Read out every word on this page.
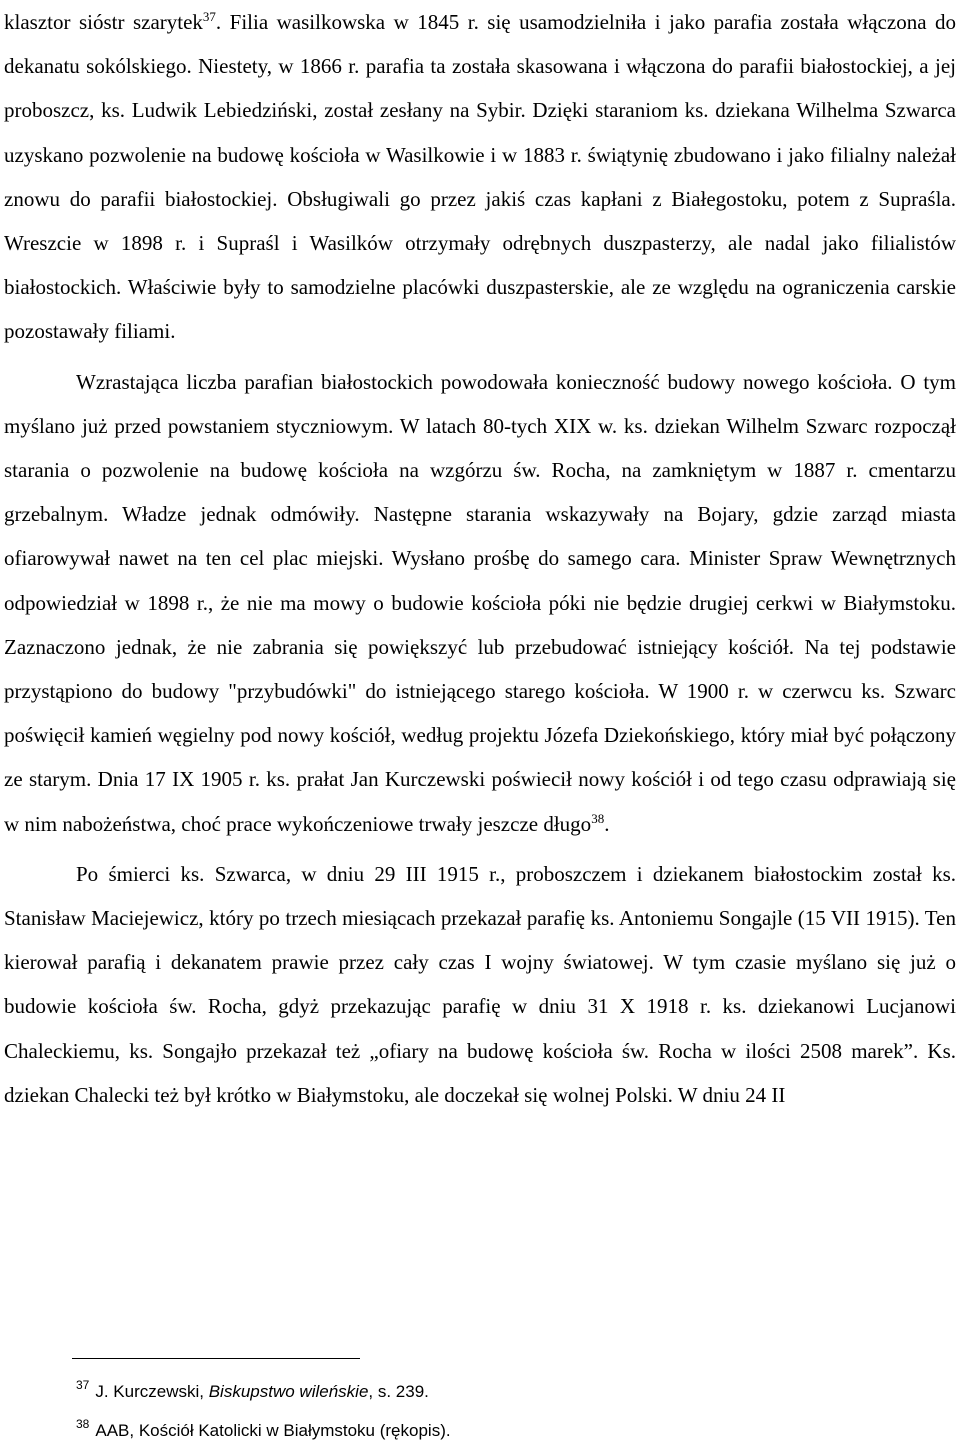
klasztor sióstr szarytek$^{37}$. Filia wasilkowska w 1845 r. się usamodzielniła i jako parafia została włączona do dekanatu sokólskiego. Niestety, w 1866 r. parafia ta została skasowana i włączona do parafii białostockiej, a jej proboszcz, ks. Ludwik Lebiedziński, został zesłany na Sybir. Dzięki staraniom ks. dziekana Wilhelma Szwarca uzyskano pozwolenie na budowę kościoła w Wasilkowie i w 1883 r. świątynię zbudowano i jako filialny należał znowu do parafii białostockiej. Obsługiwali go przez jakiś czas kapłani z Białegostoku, potem z Supraśla. Wreszcie w 1898 r. i Supraśl i Wasilków otrzymały odrębnych duszpasterzy, ale nadal jako filialistów białostockich. Właściwie były to samodzielne placówki duszpasterskie, ale ze względu na ograniczenia carskie pozostawały filiami.

Wzrastająca liczba parafian białostockich powodowała konieczność budowy nowego kościoła. O tym myślano już przed powstaniem styczniowym. W latach 80-tych XIX w. ks. dziekan Wilhelm Szwarc rozpoczął starania o pozwolenie na budowę kościoła na wzgórzu św. Rocha, na zamkniętym w 1887 r. cmentarzu grzebalnym. Władze jednak odmówiły. Następne starania wskazywały na Bojary, gdzie zarząd miasta ofiarowywał nawet na ten cel plac miejski. Wysłano prośbę do samego cara. Minister Spraw Wewnętrznych odpowiedział w 1898 r., że nie ma mowy o budowie kościoła póki nie będzie drugiej cerkwi w Białymstoku. Zaznaczono jednak, że nie zabrania się powiększyć lub przebudować istniejący kościół. Na tej podstawie przystąpiono do budowy "przybudówki" do istniejącego starego kościoła. W 1900 r. w czerwcu ks. Szwarc poświęcił kamień węgielny pod nowy kościół, według projektu Józefa Dziekońskiego, który miał być połączony ze starym. Dnia 17 IX 1905 r. ks. prałat Jan Kurczewski poświecił nowy kościół i od tego czasu odprawiają się w nim nabożeństwa, choć prace wykończeniowe trwały jeszcze długo$^{38}$.

Po śmierci ks. Szwarca, w dniu 29 III 1915 r., proboszczem i dziekanem białostockim został ks. Stanisław Maciejewicz, który po trzech miesiącach przekazał parafię ks. Antoniemu Songajle (15 VII 1915). Ten kierował parafią i dekanatem prawie przez cały czas I wojny światowej. W tym czasie myślano się już o budowie kościoła św. Rocha, gdyż przekazując parafię w dniu 31 X 1918 r. ks. dziekanowi Lucjanowi Chaleckiemu, ks. Songajło przekazał też „ofiary na budowę kościoła św. Rocha w ilości 2508 marek”. Ks. dziekan Chalecki też był krótko w Białymstoku, ale doczekał się wolnej Polski. W dniu 24 II

$^{37}$ J. Kurczewski, Biskupstwo wileńskie, s. 239.
$^{38}$ AAB, Kościół Katolicki w Białymstoku (rękopis).
